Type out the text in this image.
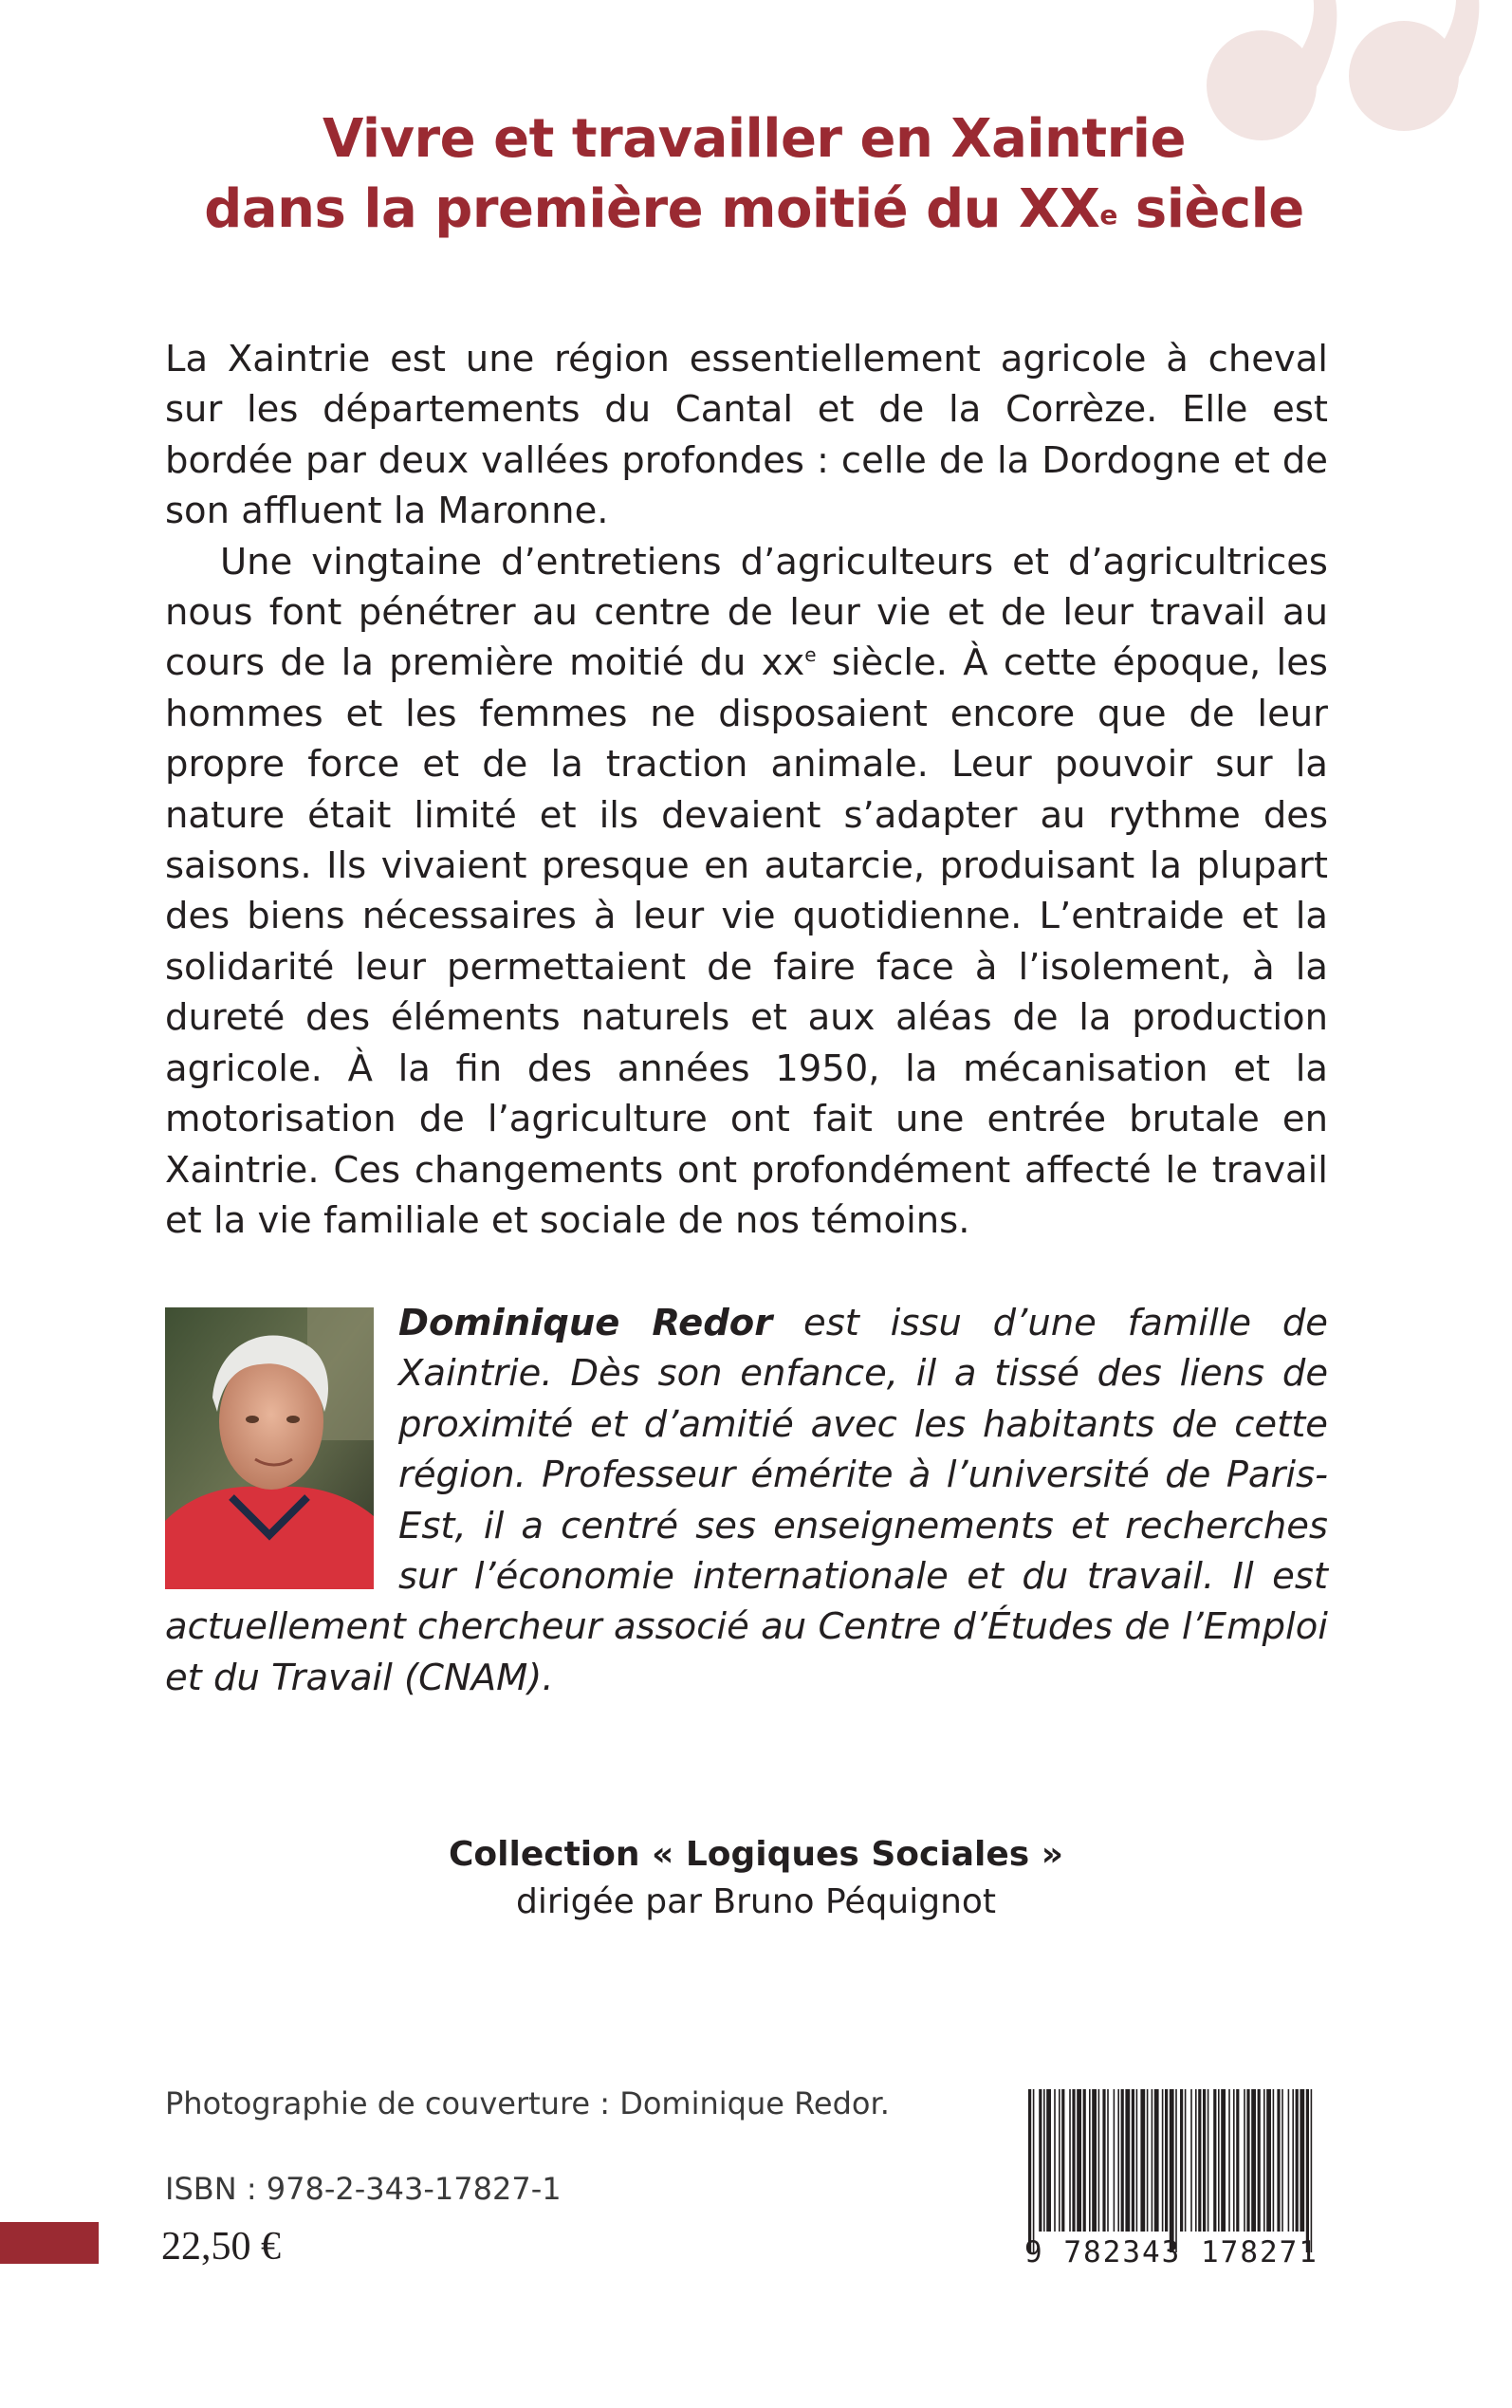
Vivre et travailler en Xaintrie
dans la première moitié du XXe siècle

La Xaintrie est une région essentiellement agricole à cheval sur les départements du Cantal et de la Corrèze. Elle est bordée par deux vallées profondes : celle de la Dordogne et de son affluent la Maronne.

Une vingtaine d’entretiens d’agriculteurs et d’agricultrices nous font pénétrer au centre de leur vie et de leur travail au cours de la première moitié du $xx^e$ siècle. À cette époque, les hommes et les femmes ne disposaient encore que de leur propre force et de la traction animale. Leur pouvoir sur la nature était limité et ils devaient s’adapter au rythme des saisons. Ils vivaient presque en autarcie, produisant la plupart des biens nécessaires à leur vie quotidienne. L’entraide et la solidarité leur permettaient de faire face à l’isolement, à la dureté des éléments naturels et aux aléas de la production agricole. À la fin des années 1950, la mécanisation et la motorisation de l’agriculture ont fait une entrée brutale en Xaintrie. Ces changements ont profondément affecté le travail et la vie familiale et sociale de nos témoins.

Dominique Redor est issu d’une famille de Xaintrie. Dès son enfance, il a tissé des liens de proximité et d’amitié avec les habitants de cette région. Professeur émérite à l’université de Paris-Est, il a centré ses enseignements et recherches sur l’économie internationale et du travail. Il est actuellement chercheur associé au Centre d’Études de l’Emploi et du Travail (CNAM).

Collection « Logiques Sociales »
dirigée par Bruno Péquignot
Photographie de couverture : Dominique Redor.
ISBN : 978-2-343-17827-1
22,50 €	9 782343 178271
